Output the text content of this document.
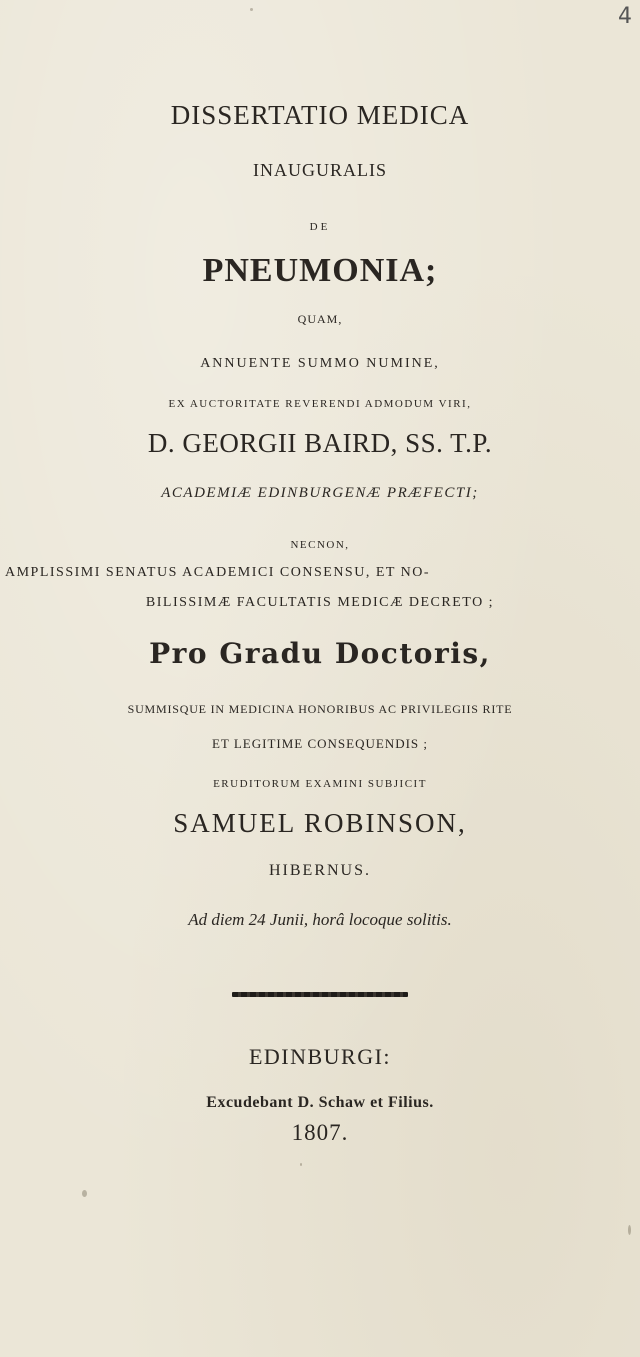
4
DISSERTATIO MEDICA
INAUGURALIS
DE
PNEUMONIA;
QUAM,
ANNUENTE SUMMO NUMINE,
EX AUCTORITATE REVERENDI ADMODUM VIRI,
D. GEORGII BAIRD, SS. T.P.
ACADEMIÆ EDINBURGENÆ PRÆFECTI;
NECNON,
AMPLISSIMI SENATUS ACADEMICI CONSENSU, ET NO-
BILISSIMÆ FACULTATIS MEDICÆ DECRETO ;
Pro Gradu Doctoris,
SUMMISQUE IN MEDICINA HONORIBUS AC PRIVILEGIIS RITE
ET LEGITIME CONSEQUENDIS ;
ERUDITORUM EXAMINI SUBJICIT
SAMUEL ROBINSON,
HIBERNUS.
Ad diem 24 Junii, horâ locoque solitis.
EDINBURGI:
Excudebant D. Schaw et Filius.
1807.
